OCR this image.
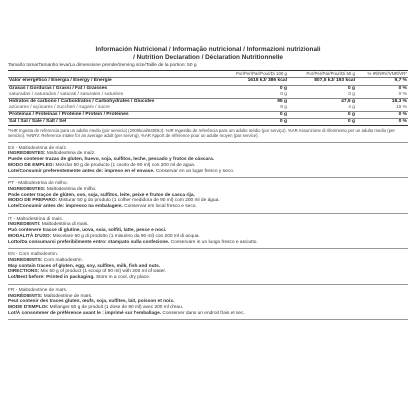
Información Nutricional / Informação nutricional / Informazioni nutrizionali
/ Nutrition Declaration / Déclaration Nutritionnelle
Tamaño toma/Tamanho leva/La dimensione prende/Serving size/Taille de la portion: 50 g
	Por/Per/Par/Pour/Di 100 g	Por/Per/Par/Pour/Di 50 g	% IR/NRV/VNR/VR*
Valor energético / Energia / Energy / Energie	1615 kJ/ 386 kcal	807,5 kJ/ 193 kcal	9,7 %
Grasas / Gorduras / Grassi / Fat / Graisses	0 g	0 g	0 %
saturadas / saturados / saturati / saturates / saturées	0 g	0 g	0 %
Hidratos de carbono / Carboidratos / Carbohydrates / Glucides	95 g	47,5 g	18,3 %
azúcares / açúcares / zuccheri / sugars / sucre	8 g	4 g	16 %
Proteínas / Proteínas / Proteine / Protein / Protéines	0 g	0 g	0 %
Sal / Sal / Sale / Salt / Sel	0 g	0 g	0 %
*%IR Ingesta de referencia para un adulto medio (por servicio) (2000kcal/8400kJ). %IR Ingestão de referência para um adulto médio (por serviço). %AR Assunzione di riferimento per un adulto medio (per servizio). %NRV: Reference intake for an average adult (per serving). %AR Apport de référence pour un adulte moyen (par service).
ES - Maltodextrina de maíz.
INGREDIENTES: Maltodextrina de maíz.
Puede contener trazas de gluten, huevo, soja, sulfitos, leche, pescado y frutos de cáscara.
MODO DE EMPLEO: Mezclar 50 g de producto (1 cacito de 90 ml) con 200 ml de agua.
Lote/Consumir preferentemente antes de: impreso en el envase. Conservar en un lugar fresco y seco.
PT - Maltodextrina de milho.
INGREDIENTES: Maltodextrina de milho.
Pode conter traços de glúten, ovo, soja, sulfitos, leite, peixe e frutos de casca rija.
MODO DE PREPARO: Misturar 50 g do produto (1 colher medidora de 90 ml) com 200 ml de água.
Lote/Consumir antes de: impresso na embalagem. Conservar em local fresco e seco.
IT - Maltodestrina di mais.
INGREDIENTI: Maltodestrina di mais.
Può contenere tracce di glutine, uova, soia, solfiti, latte, pesce e noci.
MODALITÀ D'USO: Miscelare 50 g di prodotto (1 misurino da 90 ml) con 200 ml di acqua.
Lotto/Da consumarsi preferibilmente entro: stampato sulla confezione. Conservare in un luogo fresco e asciutto.
EN - Corn maltodextrin.
INGREDIENTS: Corn maltodextrin.
May contain traces of gluten, egg, soy, sulfites, milk, fish and nuts.
DIRECTIONS: Mix 50 g of product (1 scoop of 90 ml) with 200 ml of water.
Lot/Best before: Printed in packaging. Store in a cool, dry place.
FR - Maltodextrine de maïs.
INGRÉDIENTS: Maltodextrine de maïs.
Peut contenir des traces gluten, œufs, soja, sulfites, lait, poisson et noix.
MODE D'EMPLOI: Mélanger 50 g de produit (1 dose de 90 ml) avec 200 ml d'eau.
Lot/À consommer de préférence avant le : imprimé sur l'emballage. Conserver dans un endroit frais et sec.
